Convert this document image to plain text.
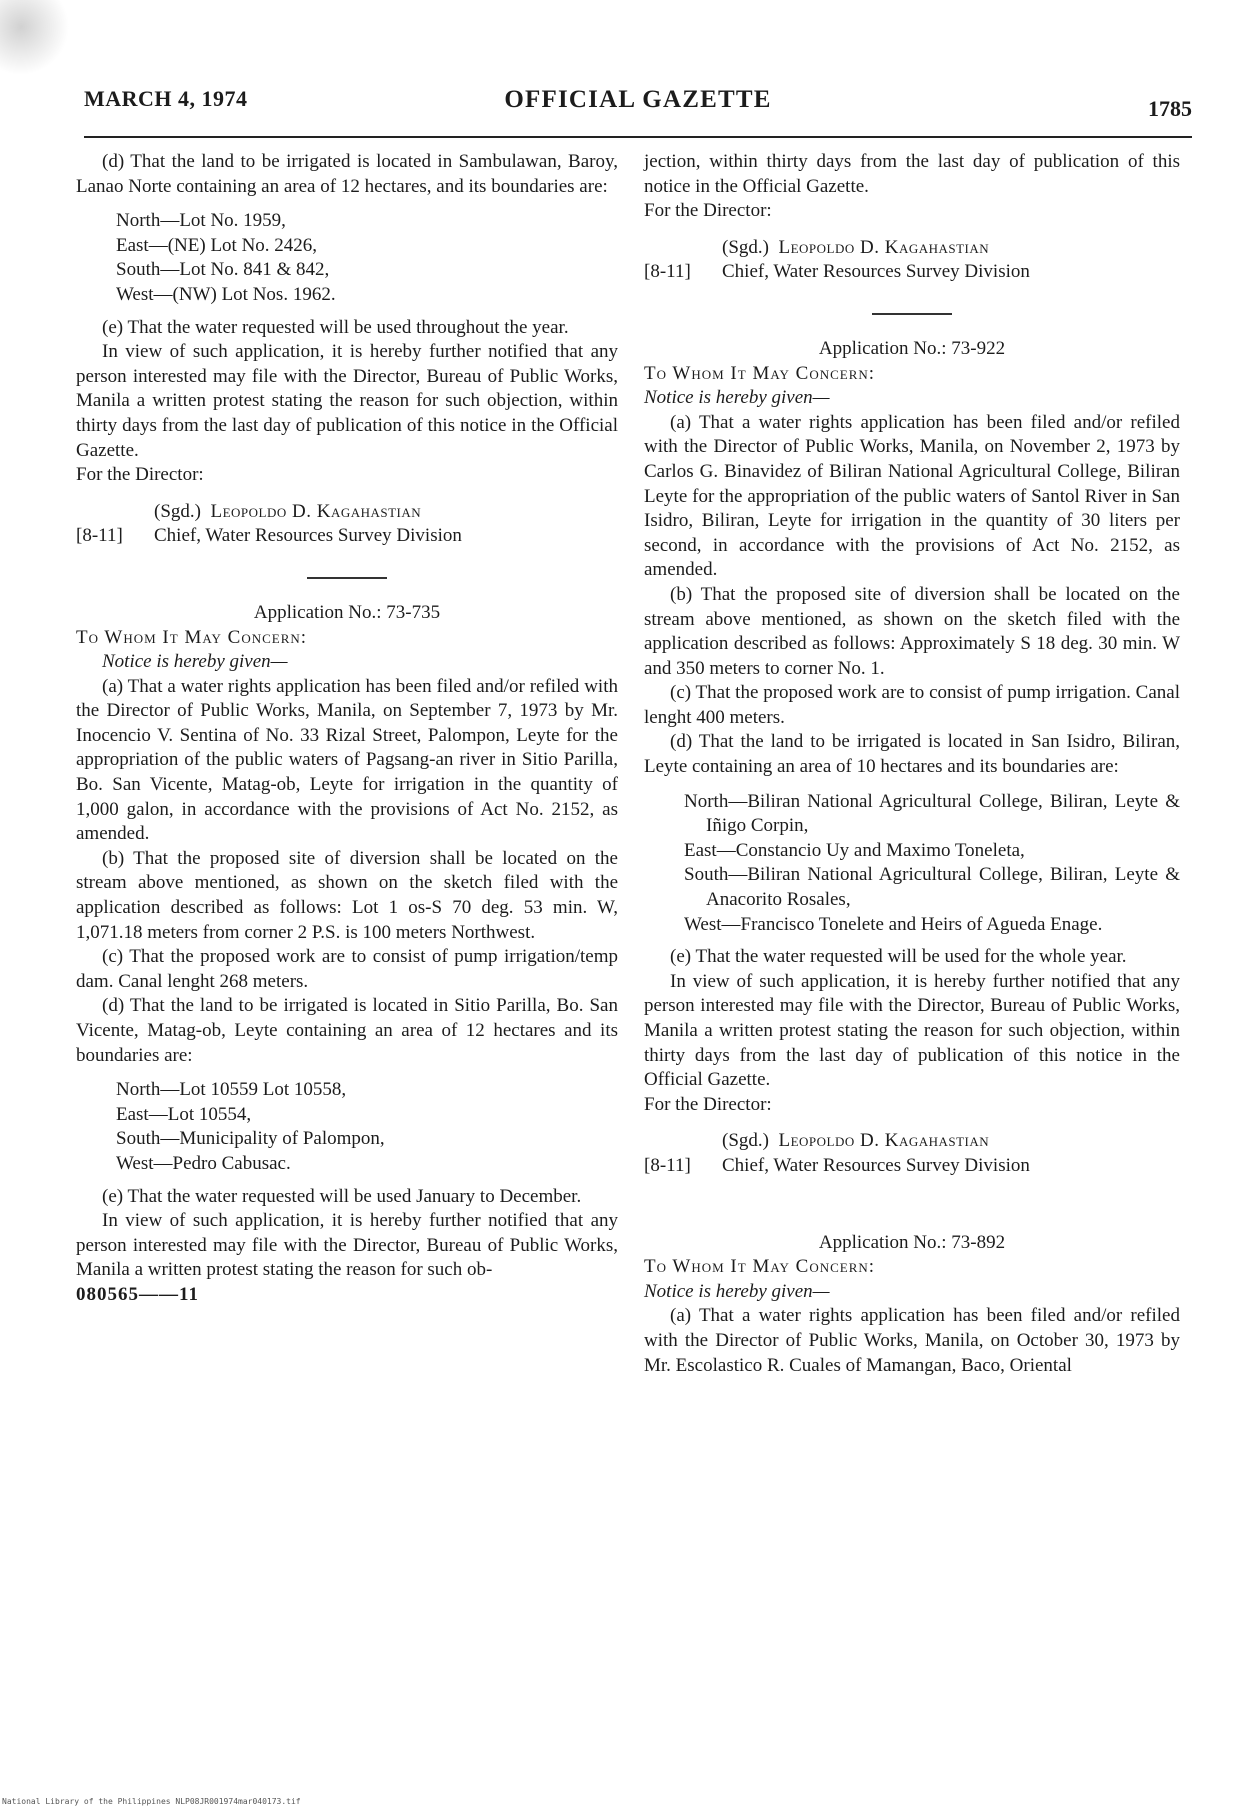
MARCH 4, 1974	OFFICIAL GAZETTE	1785

(d) That the land to be irrigated is located in Sambulawan, Baroy, Lanao Norte containing an area of 12 hectares, and its boundaries are:

North—Lot No. 1959,
East—(NE) Lot No. 2426,
South—Lot No. 841 & 842,
West—(NW) Lot Nos. 1962.

(e) That the water requested will be used throughout the year.

In view of such application, it is hereby further notified that any person interested may file with the Director, Bureau of Public Works, Manila a written protest stating the reason for such objection, within thirty days from the last day of publication of this notice in the Official Gazette.

For the Director:

[8-11]
(Sgd.) Leopoldo D. Kagahastian
Chief, Water Resources Survey Division

Application No.: 73-735

To Whom It May Concern:

Notice is hereby given—

(a) That a water rights application has been filed and/or refiled with the Director of Public Works, Manila, on September 7, 1973 by Mr. Inocencio V. Sentina of No. 33 Rizal Street, Palompon, Leyte for the appropriation of the public waters of Pagsang-an river in Sitio Parilla, Bo. San Vicente, Matag-ob, Leyte for irrigation in the quantity of 1,000 galon, in accordance with the provisions of Act No. 2152, as amended.

(b) That the proposed site of diversion shall be located on the stream above mentioned, as shown on the sketch filed with the application described as follows: Lot 1 os-S 70 deg. 53 min. W, 1,071.18 meters from corner 2 P.S. is 100 meters Northwest.

(c) That the proposed work are to consist of pump irrigation/temp dam. Canal lenght 268 meters.

(d) That the land to be irrigated is located in Sitio Parilla, Bo. San Vicente, Matag-ob, Leyte containing an area of 12 hectares and its boundaries are:

North—Lot 10559 Lot 10558,
East—Lot 10554,
South—Municipality of Palompon,
West—Pedro Cabusac.

(e) That the water requested will be used January to December.

In view of such application, it is hereby further notified that any person interested may file with the Director, Bureau of Public Works, Manila a written protest stating the reason for such ob-

080565——11

jection, within thirty days from the last day of publication of this notice in the Official Gazette.

For the Director:

[8-11]
(Sgd.) Leopoldo D. Kagahastian
Chief, Water Resources Survey Division

Application No.: 73-922

To Whom It May Concern:

Notice is hereby given—

(a) That a water rights application has been filed and/or refiled with the Director of Public Works, Manila, on November 2, 1973 by Carlos G. Binavidez of Biliran National Agricultural College, Biliran Leyte for the appropriation of the public waters of Santol River in San Isidro, Biliran, Leyte for irrigation in the quantity of 30 liters per second, in accordance with the provisions of Act No. 2152, as amended.

(b) That the proposed site of diversion shall be located on the stream above mentioned, as shown on the sketch filed with the application described as follows: Approximately S 18 deg. 30 min. W and 350 meters to corner No. 1.

(c) That the proposed work are to consist of pump irrigation. Canal lenght 400 meters.

(d) That the land to be irrigated is located in San Isidro, Biliran, Leyte containing an area of 10 hectares and its boundaries are:

North—Biliran National Agricultural College, Biliran, Leyte & Iñigo Corpin,
East—Constancio Uy and Maximo Toneleta,
South—Biliran National Agricultural College, Biliran, Leyte & Anacorito Rosales,
West—Francisco Tonelete and Heirs of Agueda Enage.

(e) That the water requested will be used for the whole year.

In view of such application, it is hereby further notified that any person interested may file with the Director, Bureau of Public Works, Manila a written protest stating the reason for such objection, within thirty days from the last day of publication of this notice in the Official Gazette.

For the Director:

[8-11]
(Sgd.) Leopoldo D. Kagahastian
Chief, Water Resources Survey Division

Application No.: 73-892

To Whom It May Concern:

Notice is hereby given—

(a) That a water rights application has been filed and/or refiled with the Director of Public Works, Manila, on October 30, 1973 by Mr. Escolastico R. Cuales of Mamangan, Baco, Oriental

National Library of the Philippines NLP08JR001974mar040173.tif
